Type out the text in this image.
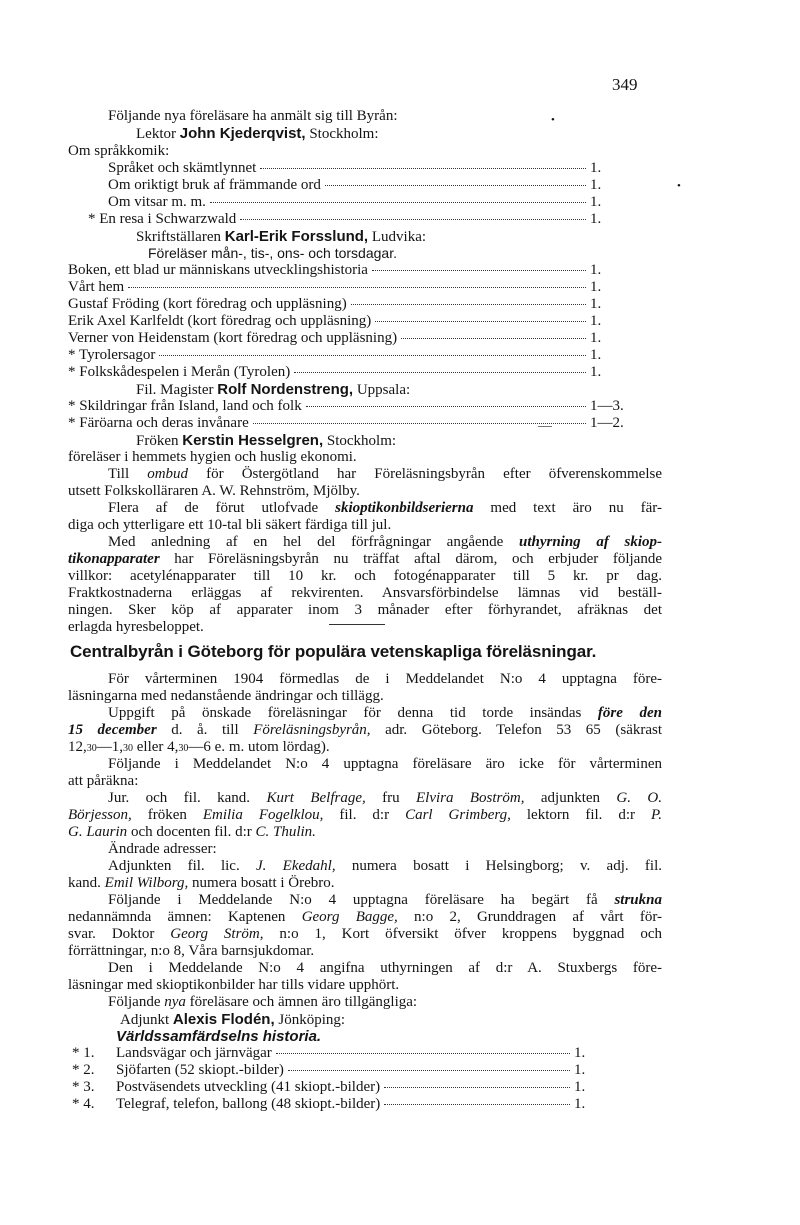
349
•
•
Följande nya föreläsare ha anmält sig till Byrån:
Lektor John Kjederqvist, Stockholm:
Om språkkomik:
Språket och skämtlynnet	1.
Om oriktigt bruk af främmande ord	1.
Om vitsar m. m.	1.
* En resa i Schwarzwald	1.
Skriftställaren Karl-Erik Forsslund, Ludvika:
Föreläser mån-, tis-, ons- och torsdagar.
Boken, ett blad ur människans utvecklingshistoria	1.
Vårt hem	1.
Gustaf Fröding (kort föredrag och uppläsning)	1.
Erik Axel Karlfeldt (kort föredrag och uppläsning)	1.
Verner von Heidenstam (kort föredrag och uppläsning)	1.
* Tyrolersagor	1.
* Folkskådespelen i Merån (Tyrolen)	1.
Fil. Magister Rolf Nordenstreng, Uppsala:
* Skildringar från Island, land och folk	1—3.
* Färöarna och deras invånare	1—2.
Fröken Kerstin Hesselgren, Stockholm:
föreläser i hemmets hygien och huslig ekonomi.
Till ombud för Östergötland har Föreläsningsbyrån efter öfverenskommelse
utsett Folkskolläraren A. W. Rehnström, Mjölby.
Flera af de förut utlofvade skioptikonbildserierna med text äro nu fär-
diga och ytterligare ett 10-tal bli säkert färdiga till jul.
Med anledning af en hel del förfrågningar angående uthyrning af skiop-
tikonapparater har Föreläsningsbyrån nu träffat aftal därom, och erbjuder följande
villkor: acetylénapparater till 10 kr. och fotogénapparater till 5 kr. pr dag.
Fraktkostnaderna erläggas af rekvirenten. Ansvarsförbindelse lämnas vid beställ-
ningen. Sker köp af apparater inom 3 månader efter förhyrandet, afräknas det
erlagda hyresbeloppet.
Centralbyrån i Göteborg för populära vetenskapliga föreläsningar.
För vårterminen 1904 förmedlas de i Meddelandet N:o 4 upptagna före-
läsningarna med nedanstående ändringar och tillägg.
Uppgift på önskade föreläsningar för denna tid torde insändas före den
15 december d. å. till Föreläsningsbyrån, adr. Göteborg. Telefon 53 65 (säkrast
12,30—1,30 eller 4,30—6 e. m. utom lördag).
Följande i Meddelandet N:o 4 upptagna föreläsare äro icke för vårterminen
att påräkna:
Jur. och fil. kand. Kurt Belfrage, fru Elvira Boström, adjunkten G. O.
Börjesson, fröken Emilia Fogelklou, fil. d:r Carl Grimberg, lektorn fil. d:r P.
G. Laurin och docenten fil. d:r C. Thulin.
Ändrade adresser:
Adjunkten fil. lic. J. Ekedahl, numera bosatt i Helsingborg; v. adj. fil.
kand. Emil Wilborg, numera bosatt i Örebro.
Följande i Meddelande N:o 4 upptagna föreläsare ha begärt få strukna
nedannämnda ämnen: Kaptenen Georg Bagge, n:o 2, Grunddragen af vårt för-
svar. Doktor Georg Ström, n:o 1, Kort öfversikt öfver kroppens byggnad och
förrättningar, n:o 8, Våra barnsjukdomar.
Den i Meddelande N:o 4 angifna uthyrningen af d:r A. Stuxbergs före-
läsningar med skioptikonbilder har tills vidare upphört.
Följande nya föreläsare och ämnen äro tillgängliga:
Adjunkt Alexis Flodén, Jönköping:
Världssamfärdselns historia.
* 1.	Landsvägar och järnvägar	1.
* 2.	Sjöfarten (52 skiopt.-bilder)	1.
* 3.	Postväsendets utveckling (41 skiopt.-bilder)	1.
* 4.	Telegraf, telefon, ballong (48 skiopt.-bilder)	1.
